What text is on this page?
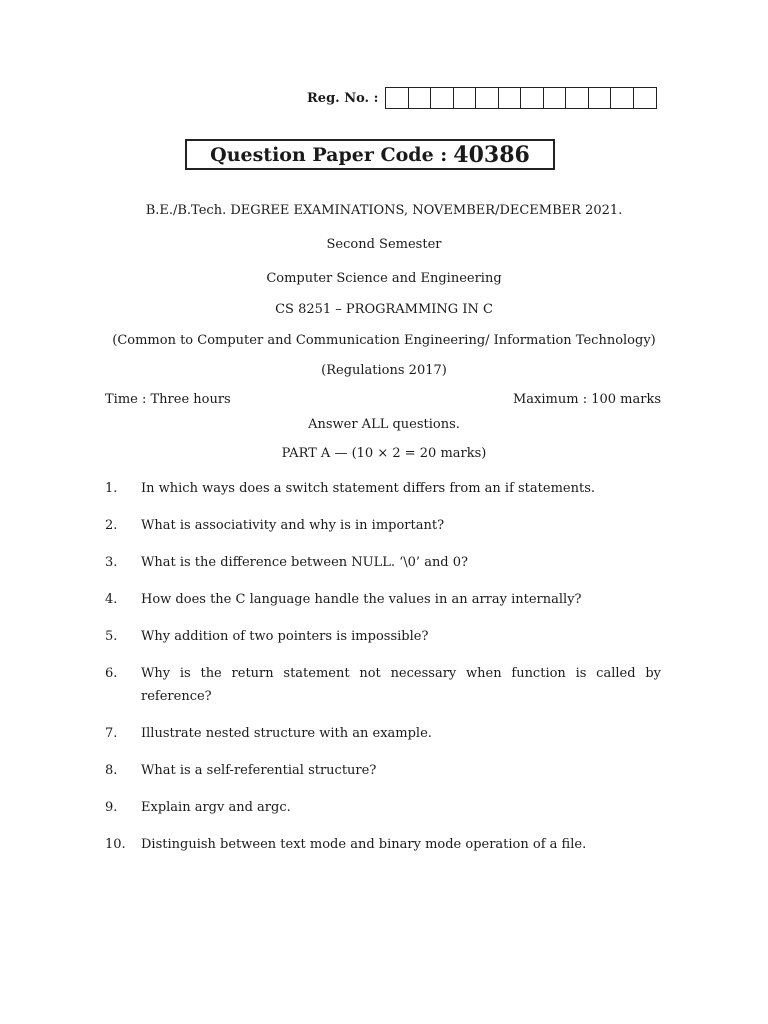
Reg. No. :
Question Paper Code : 40386
B.E./B.Tech. DEGREE EXAMINATIONS, NOVEMBER/DECEMBER 2021.
Second Semester
Computer Science and Engineering
CS 8251 – PROGRAMMING IN C
(Common to Computer and Communication Engineering/ Information Technology)
(Regulations 2017)
Time : Three hours	Maximum : 100 marks
Answer ALL questions.
PART A — (10 × 2 = 20 marks)
1.	In which ways does a switch statement differs from an if statements.
2.	What is associativity and why is in important?
3.	What is the difference between NULL. ‘\0’ and 0?
4.	How does the C language handle the values in an array internally?
5.	Why addition of two pointers is impossible?
6.	Why is the return statement not necessary when function is called by reference?
7.	Illustrate nested structure with an example.
8.	What is a self-referential structure?
9.	Explain argv and argc.
10.	Distinguish between text mode and binary mode operation of a file.
